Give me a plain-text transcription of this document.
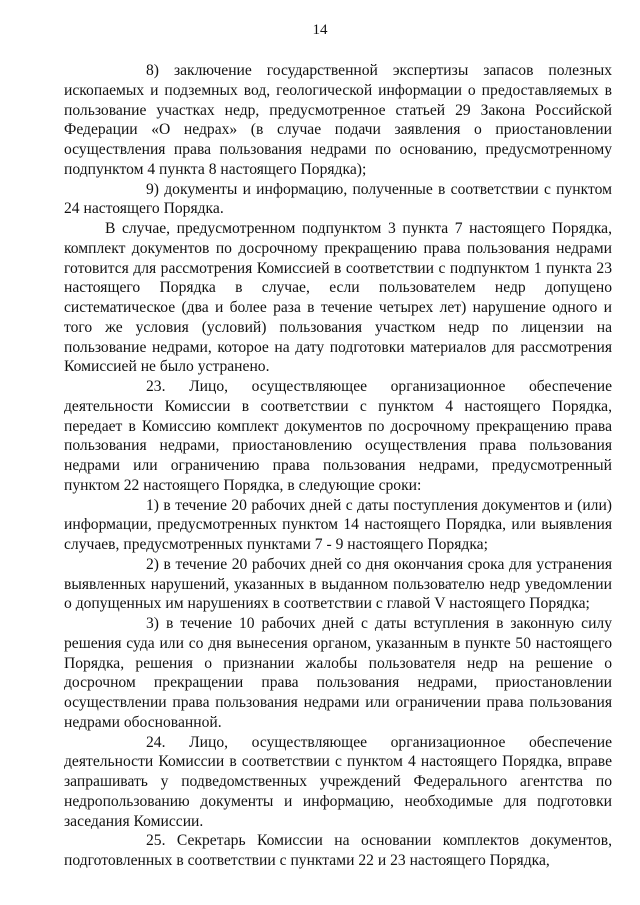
14

8) заключение государственной экспертизы запасов полезных ископаемых и подземных вод, геологической информации о предоставляемых в пользование участках недр, предусмотренное статьей 29 Закона Российской Федерации «О недрах» (в случае подачи заявления о приостановлении осуществления права пользования недрами по основанию, предусмотренному подпунктом 4 пункта 8 настоящего Порядка);

9) документы и информацию, полученные в соответствии с пунктом 24 настоящего Порядка.

В случае, предусмотренном подпунктом 3 пункта 7 настоящего Порядка, комплект документов по досрочному прекращению права пользования недрами готовится для рассмотрения Комиссией в соответствии с подпунктом 1 пункта 23 настоящего Порядка в случае, если пользователем недр допущено систематическое (два и более раза в течение четырех лет) нарушение одного и того же условия (условий) пользования участком недр по лицензии на пользование недрами, которое на дату подготовки материалов для рассмотрения Комиссией не было устранено.

23. Лицо, осуществляющее организационное обеспечение деятельности Комиссии в соответствии с пунктом 4 настоящего Порядка, передает в Комиссию комплект документов по досрочному прекращению права пользования недрами, приостановлению осуществления права пользования недрами или ограничению права пользования недрами, предусмотренный пунктом 22 настоящего Порядка, в следующие сроки:

1) в течение 20 рабочих дней с даты поступления документов и (или) информации, предусмотренных пунктом 14 настоящего Порядка, или выявления случаев, предусмотренных пунктами 7 - 9 настоящего Порядка;

2) в течение 20 рабочих дней со дня окончания срока для устранения выявленных нарушений, указанных в выданном пользователю недр уведомлении о допущенных им нарушениях в соответствии с главой V настоящего Порядка;

3) в течение 10 рабочих дней с даты вступления в законную силу решения суда или со дня вынесения органом, указанным в пункте 50 настоящего Порядка, решения о признании жалобы пользователя недр на решение о досрочном прекращении права пользования недрами, приостановлении осуществлении права пользования недрами или ограничении права пользования недрами обоснованной.

24. Лицо, осуществляющее организационное обеспечение деятельности Комиссии в соответствии с пунктом 4 настоящего Порядка, вправе запрашивать у подведомственных учреждений Федерального агентства по недропользованию документы и информацию, необходимые для подготовки заседания Комиссии.

25. Секретарь Комиссии на основании комплектов документов, подготовленных в соответствии с пунктами 22 и 23 настоящего Порядка,
